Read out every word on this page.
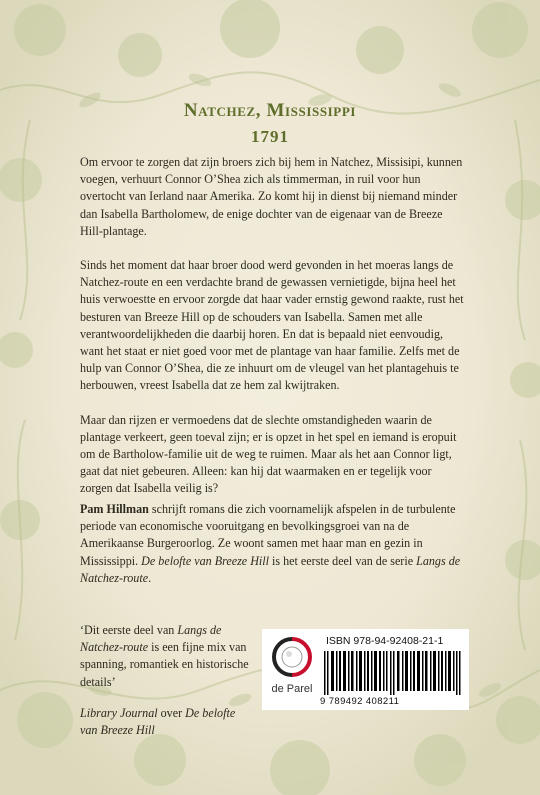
Natchez, Mississippi
1791

Om ervoor te zorgen dat zijn broers zich bij hem in Natchez, Missisipi, kunnen voegen, verhuurt Connor O’Shea zich als timmerman, in ruil voor hun overtocht van Ierland naar Amerika. Zo komt hij in dienst bij niemand minder dan Isabella Bartholomew, de enige dochter van de eigenaar van de Breeze Hill-plantage.

Sinds het moment dat haar broer dood werd gevonden in het moeras langs de Natchez-route en een verdachte brand de gewassen vernietigde, bijna heel het huis verwoestte en ervoor zorgde dat haar vader ernstig gewond raakte, rust het besturen van Breeze Hill op de schouders van Isabella. Samen met alle verantwoordelijkheden die daarbij horen. En dat is bepaald niet eenvoudig, want het staat er niet goed voor met de plantage van haar familie. Zelfs met de hulp van Connor O’Shea, die ze inhuurt om de vleugel van het plantagehuis te herbouwen, vreest Isabella dat ze hem zal kwijtraken.

Maar dan rijzen er vermoedens dat de slechte omstandigheden waarin de plantage verkeert, geen toeval zijn; er is opzet in het spel en iemand is eropuit om de Bartholow-familie uit de weg te ruimen. Maar als het aan Connor ligt, gaat dat niet gebeuren. Alleen: kan hij dat waarmaken en er tegelijk voor zorgen dat Isabella veilig is?

Pam Hillman schrijft romans die zich voornamelijk afspelen in de turbulente periode van economische vooruitgang en bevolkingsgroei van na de Amerikaanse Burgeroorlog. Ze woont samen met haar man en gezin in Mississippi. De belofte van Breeze Hill is het eerste deel van de serie Langs de Natchez-route.

‘Dit eerste deel van Langs de Natchez-route is een fijne mix van spanning, romantiek en historische details’

Library Journal over De belofte van Breeze Hill

de Parel
ISBN 978-94-92408-21-1
9 789492 408211
